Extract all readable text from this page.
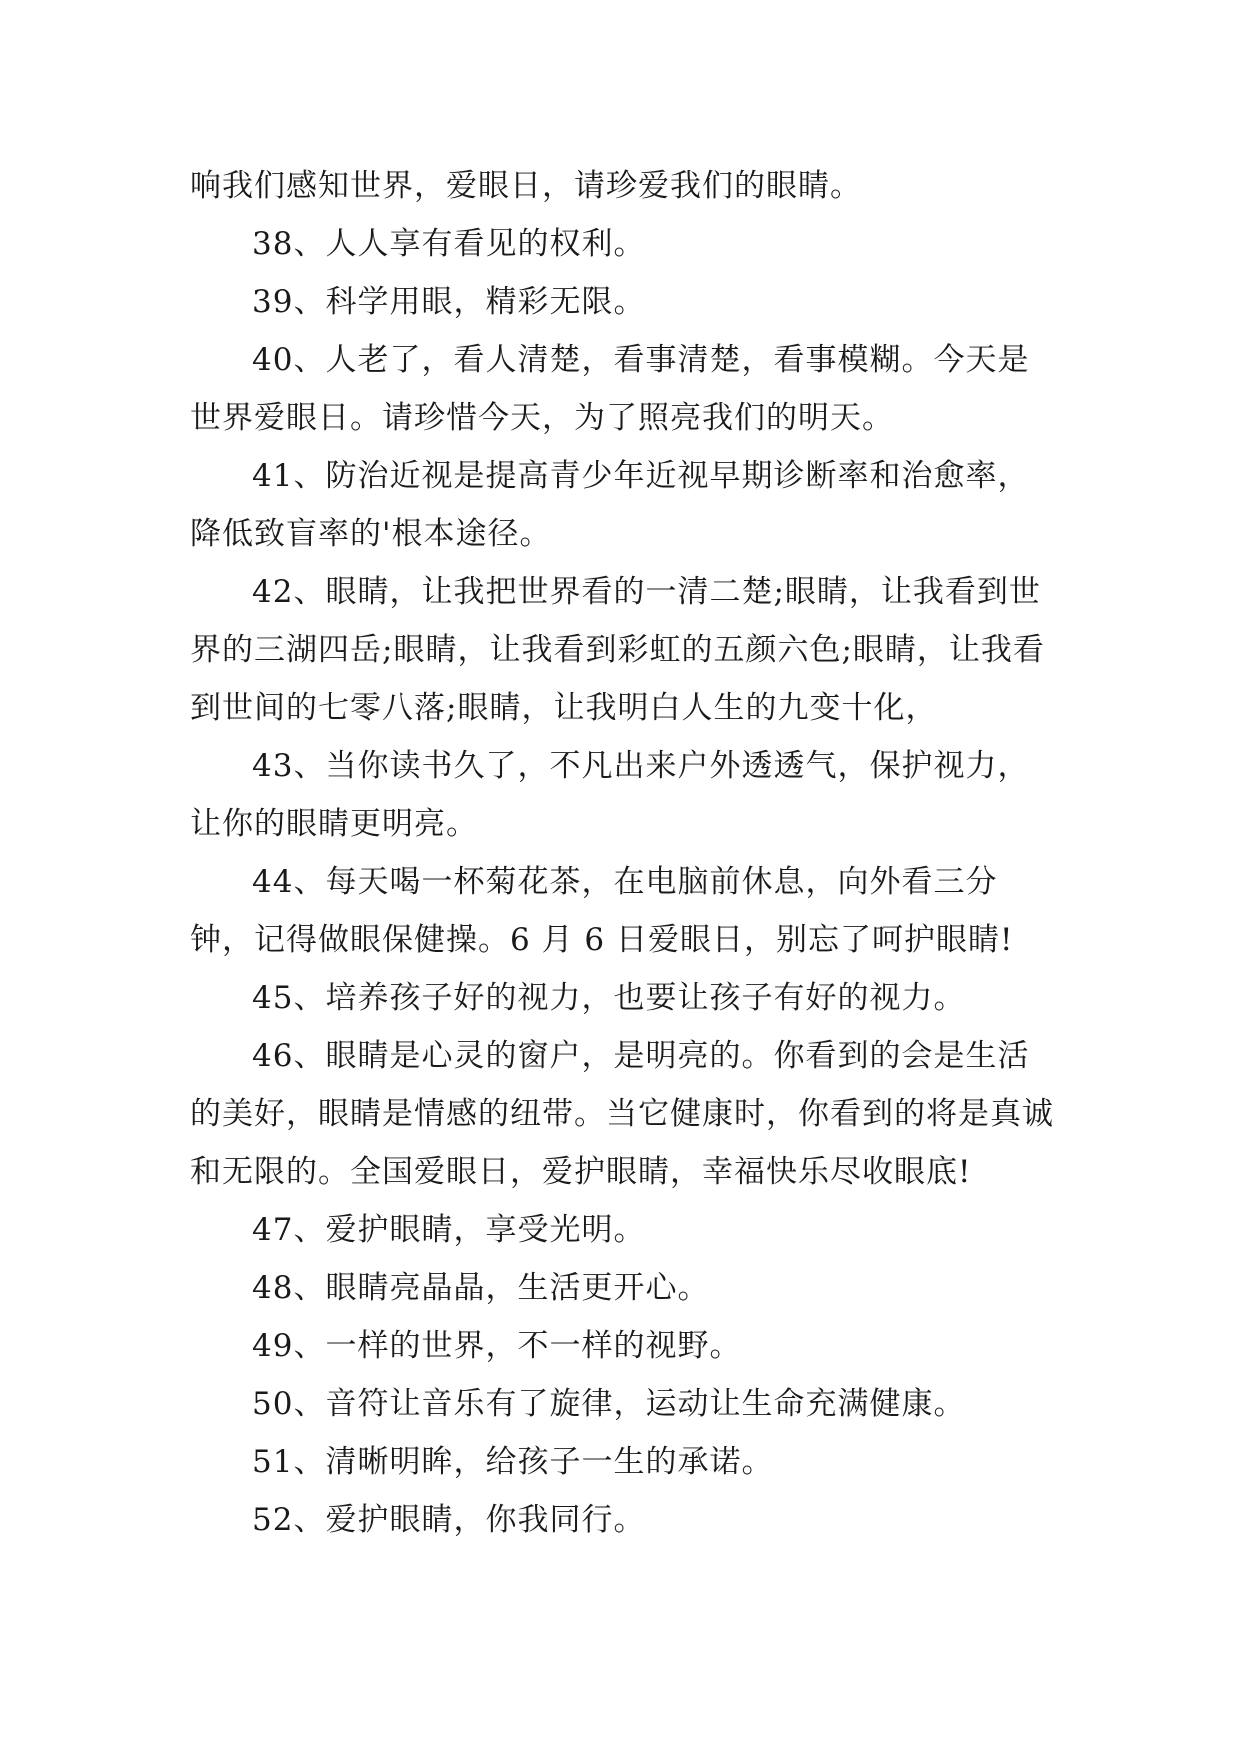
响我们感知世界，爱眼日，请珍爱我们的眼睛。

38、人人享有看见的权利。

39、科学用眼，精彩无限。

40、人老了，看人清楚，看事清楚，看事模糊。今天是世界爱眼日。请珍惜今天，为了照亮我们的明天。

41、防治近视是提高青少年近视早期诊断率和治愈率，降低致盲率的'根本途径。

42、眼睛，让我把世界看的一清二楚;眼睛，让我看到世界的三湖四岳;眼睛，让我看到彩虹的五颜六色;眼睛，让我看到世间的七零八落;眼睛，让我明白人生的九变十化，

43、当你读书久了，不凡出来户外透透气，保护视力，让你的眼睛更明亮。

44、每天喝一杯菊花茶，在电脑前休息，向外看三分钟，记得做眼保健操。6 月 6 日爱眼日，别忘了呵护眼睛!

45、培养孩子好的视力，也要让孩子有好的视力。

46、眼睛是心灵的窗户，是明亮的。你看到的会是生活的美好，眼睛是情感的纽带。当它健康时，你看到的将是真诚和无限的。全国爱眼日，爱护眼睛，幸福快乐尽收眼底!

47、爱护眼睛，享受光明。

48、眼睛亮晶晶，生活更开心。

49、一样的世界，不一样的视野。

50、音符让音乐有了旋律，运动让生命充满健康。

51、清晰明眸，给孩子一生的承诺。

52、爱护眼睛，你我同行。
